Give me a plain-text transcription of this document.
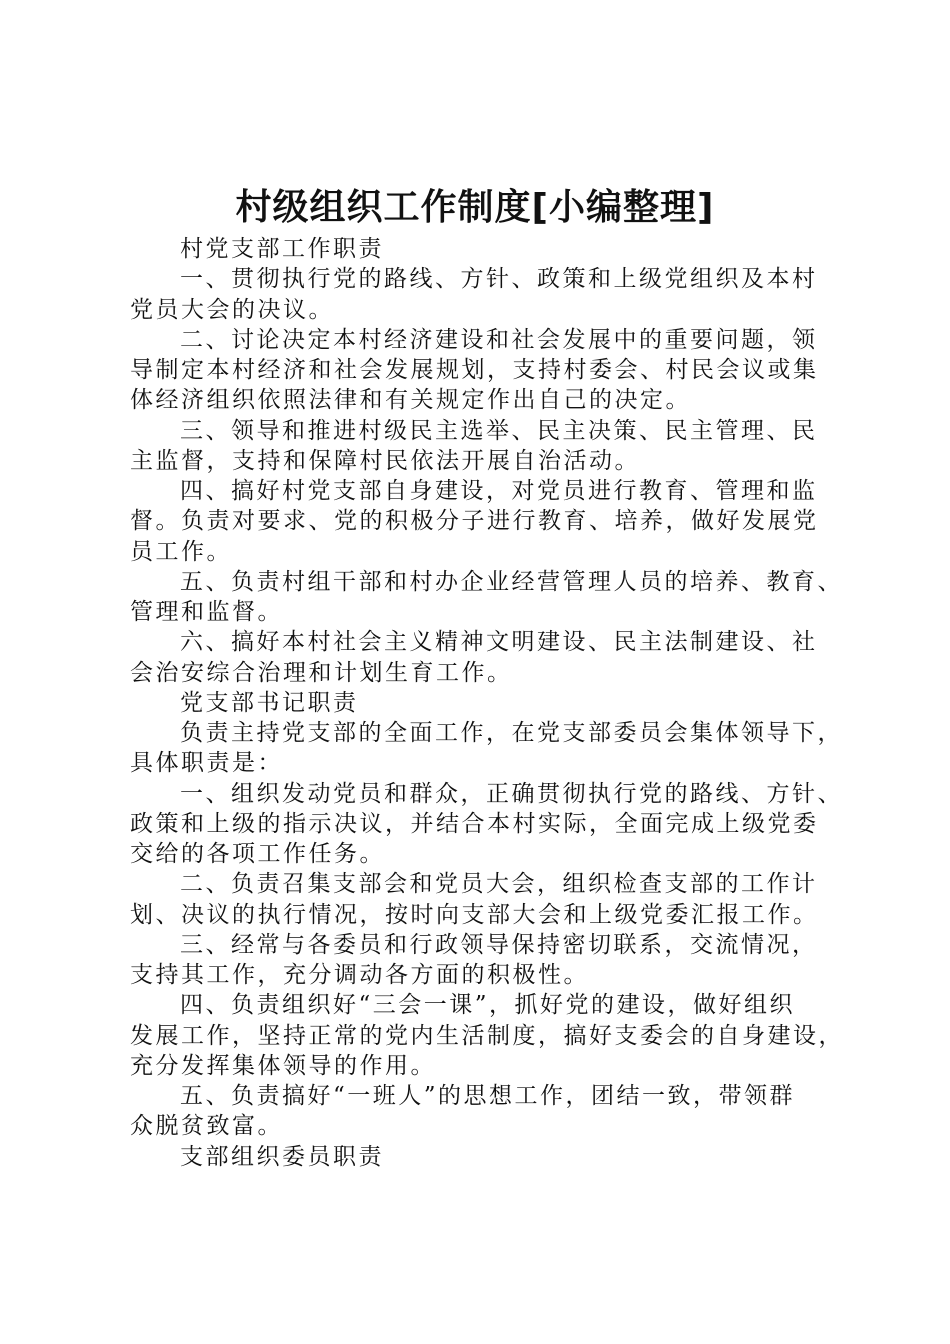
村级组织工作制度[小编整理]
村党支部工作职责
一、贯彻执行党的路线、方针、政策和上级党组织及本村
党员大会的决议。
二、讨论决定本村经济建设和社会发展中的重要问题，领
导制定本村经济和社会发展规划，支持村委会、村民会议或集
体经济组织依照法律和有关规定作出自己的决定。
三、领导和推进村级民主选举、民主决策、民主管理、民
主监督，支持和保障村民依法开展自治活动。
四、搞好村党支部自身建设，对党员进行教育、管理和监
督。负责对要求、党的积极分子进行教育、培养，做好发展党
员工作。
五、负责村组干部和村办企业经营管理人员的培养、教育、
管理和监督。
六、搞好本村社会主义精神文明建设、民主法制建设、社
会治安综合治理和计划生育工作。
党支部书记职责
负责主持党支部的全面工作，在党支部委员会集体领导下，
具体职责是：
一、组织发动党员和群众，正确贯彻执行党的路线、方针、
政策和上级的指示决议，并结合本村实际，全面完成上级党委
交给的各项工作任务。
二、负责召集支部会和党员大会，组织检查支部的工作计
划、决议的执行情况，按时向支部大会和上级党委汇报工作。
三、经常与各委员和行政领导保持密切联系，交流情况，
支持其工作，充分调动各方面的积极性。
四、负责组织好“三会一课”，抓好党的建设，做好组织
发展工作，坚持正常的党内生活制度，搞好支委会的自身建设，
充分发挥集体领导的作用。
五、负责搞好“一班人”的思想工作，团结一致，带领群
众脱贫致富。
支部组织委员职责
